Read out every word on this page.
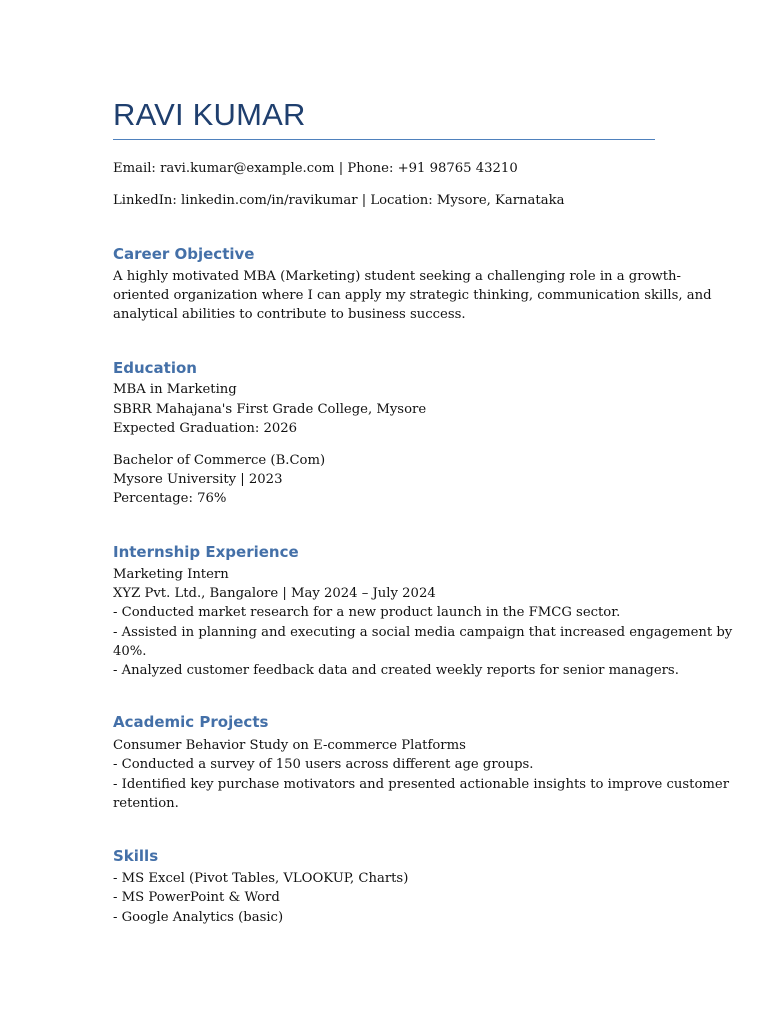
RAVI KUMAR

Email: ravi.kumar@example.com | Phone: +91 98765 43210

LinkedIn: linkedin.com/in/ravikumar | Location: Mysore, Karnataka

Career Objective

A highly motivated MBA (Marketing) student seeking a challenging role in a growth-

oriented organization where I can apply my strategic thinking, communication skills, and

analytical abilities to contribute to business success.

Education

MBA in Marketing

SBRR Mahajana's First Grade College, Mysore

Expected Graduation: 2026

Bachelor of Commerce (B.Com)

Mysore University | 2023

Percentage: 76%

Internship Experience

Marketing Intern

XYZ Pvt. Ltd., Bangalore | May 2024 – July 2024

- Conducted market research for a new product launch in the FMCG sector.

- Assisted in planning and executing a social media campaign that increased engagement by

40%.

- Analyzed customer feedback data and created weekly reports for senior managers.

Academic Projects

Consumer Behavior Study on E-commerce Platforms

- Conducted a survey of 150 users across different age groups.

- Identified key purchase motivators and presented actionable insights to improve customer

retention.

Skills

- MS Excel (Pivot Tables, VLOOKUP, Charts)

- MS PowerPoint & Word

- Google Analytics (basic)
